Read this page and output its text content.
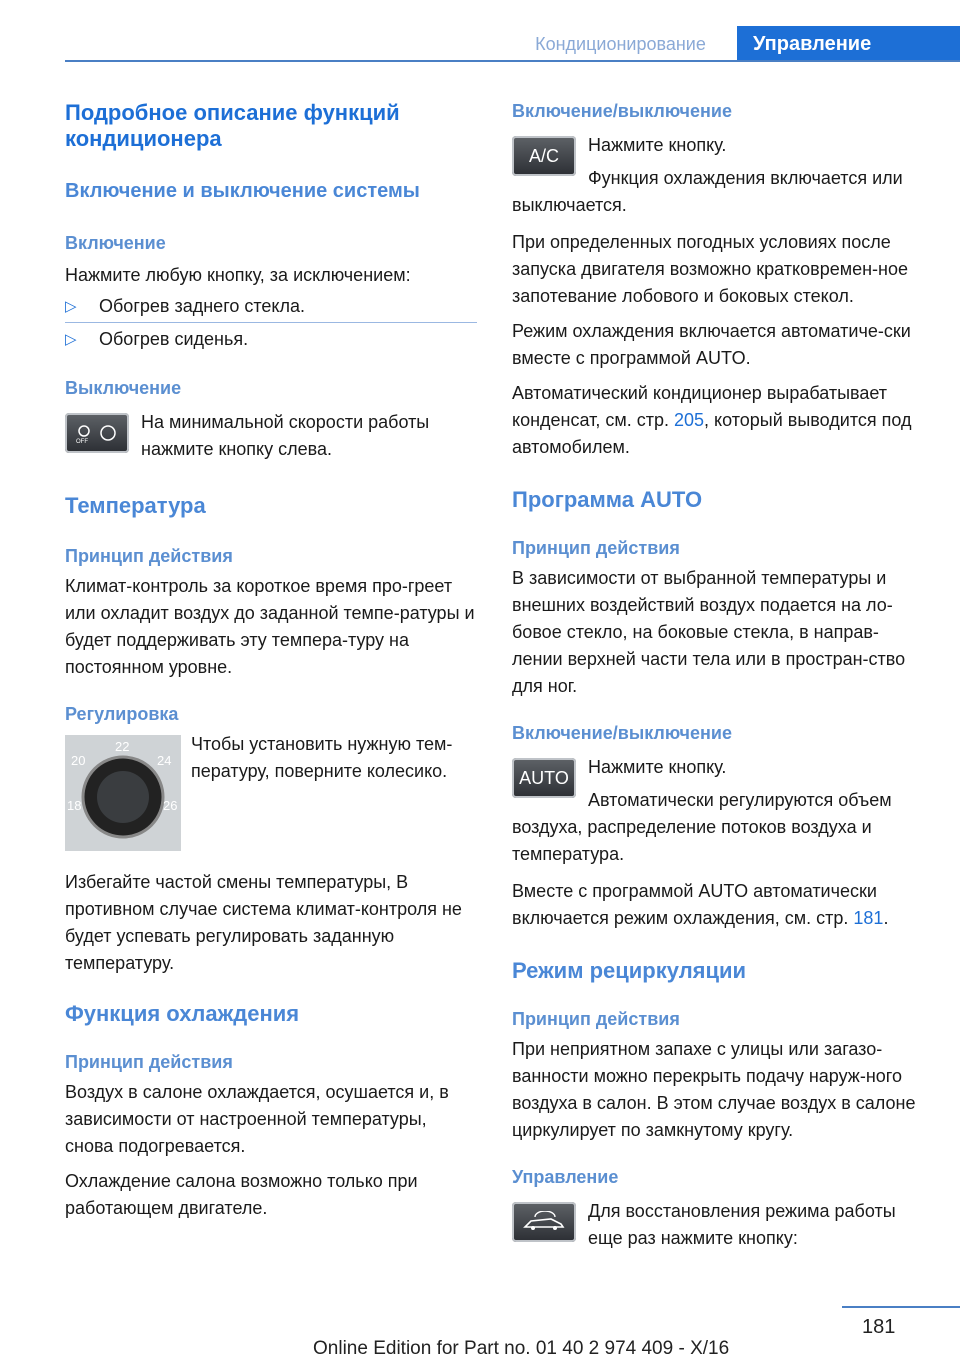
Кондиционирование	Управление
Подробное описание функций кондиционера
Включение и выключение системы
Включение

Нажмите любую кнопку, за исключением:

▷	Обогрев заднего стекла.
▷	Обогрев сиденья.
Выключение
OFF

На минимальной скорости работы нажмите кнопку слева.

Температура
Принцип действия

Климат-контроль за короткое время про-греет или охладит воздух до заданной темпе-ратуры и будет поддерживать эту темпера-туру на постоянном уровне.

Регулировка
22
20	24
18	26

Чтобы установить нужную тем-пературу, поверните колесико.

Избегайте частой смены температуры, В противном случае система климат-контроля не будет успевать регулировать заданную температуру.

Функция охлаждения
Принцип действия

Воздух в салоне охлаждается, осушается и, в зависимости от настроенной температуры, снова подогревается.

Охлаждение салона возможно только при работающем двигателе.

Включение/выключение
A/C

Нажмите кнопку.

Функция охлаждения включается или выключается.

При определенных погодных условиях после запуска двигателя возможно кратковремен-ное запотевание лобового и боковых стекол.

Режим охлаждения включается автоматиче-ски вместе с программой AUTO.

Автоматический кондиционер вырабатывает конденсат, см. стр. 205, который выводится под автомобилем.

Программа AUTO
Принцип действия

В зависимости от выбранной температуры и внешних воздействий воздух подается на ло-бовое стекло, на боковые стекла, в направ-лении верхней части тела или в простран-ство для ног.

Включение/выключение
AUTO

Нажмите кнопку.

Автоматически регулируются объем воздуха, распределение потоков воздуха и температура.

Вместе с программой AUTO автоматически включается режим охлаждения, см. стр. 181.

Режим рециркуляции
Принцип действия

При неприятном запахе с улицы или загазо-ванности можно перекрыть подачу наруж-ного воздуха в салон. В этом случае воздух в салоне циркулирует по замкнутому кругу.

Управление

Для восстановления режима работы еще раз нажмите кнопку:

181
Online Edition for Part no. 01 40 2 974 409 - X/16
